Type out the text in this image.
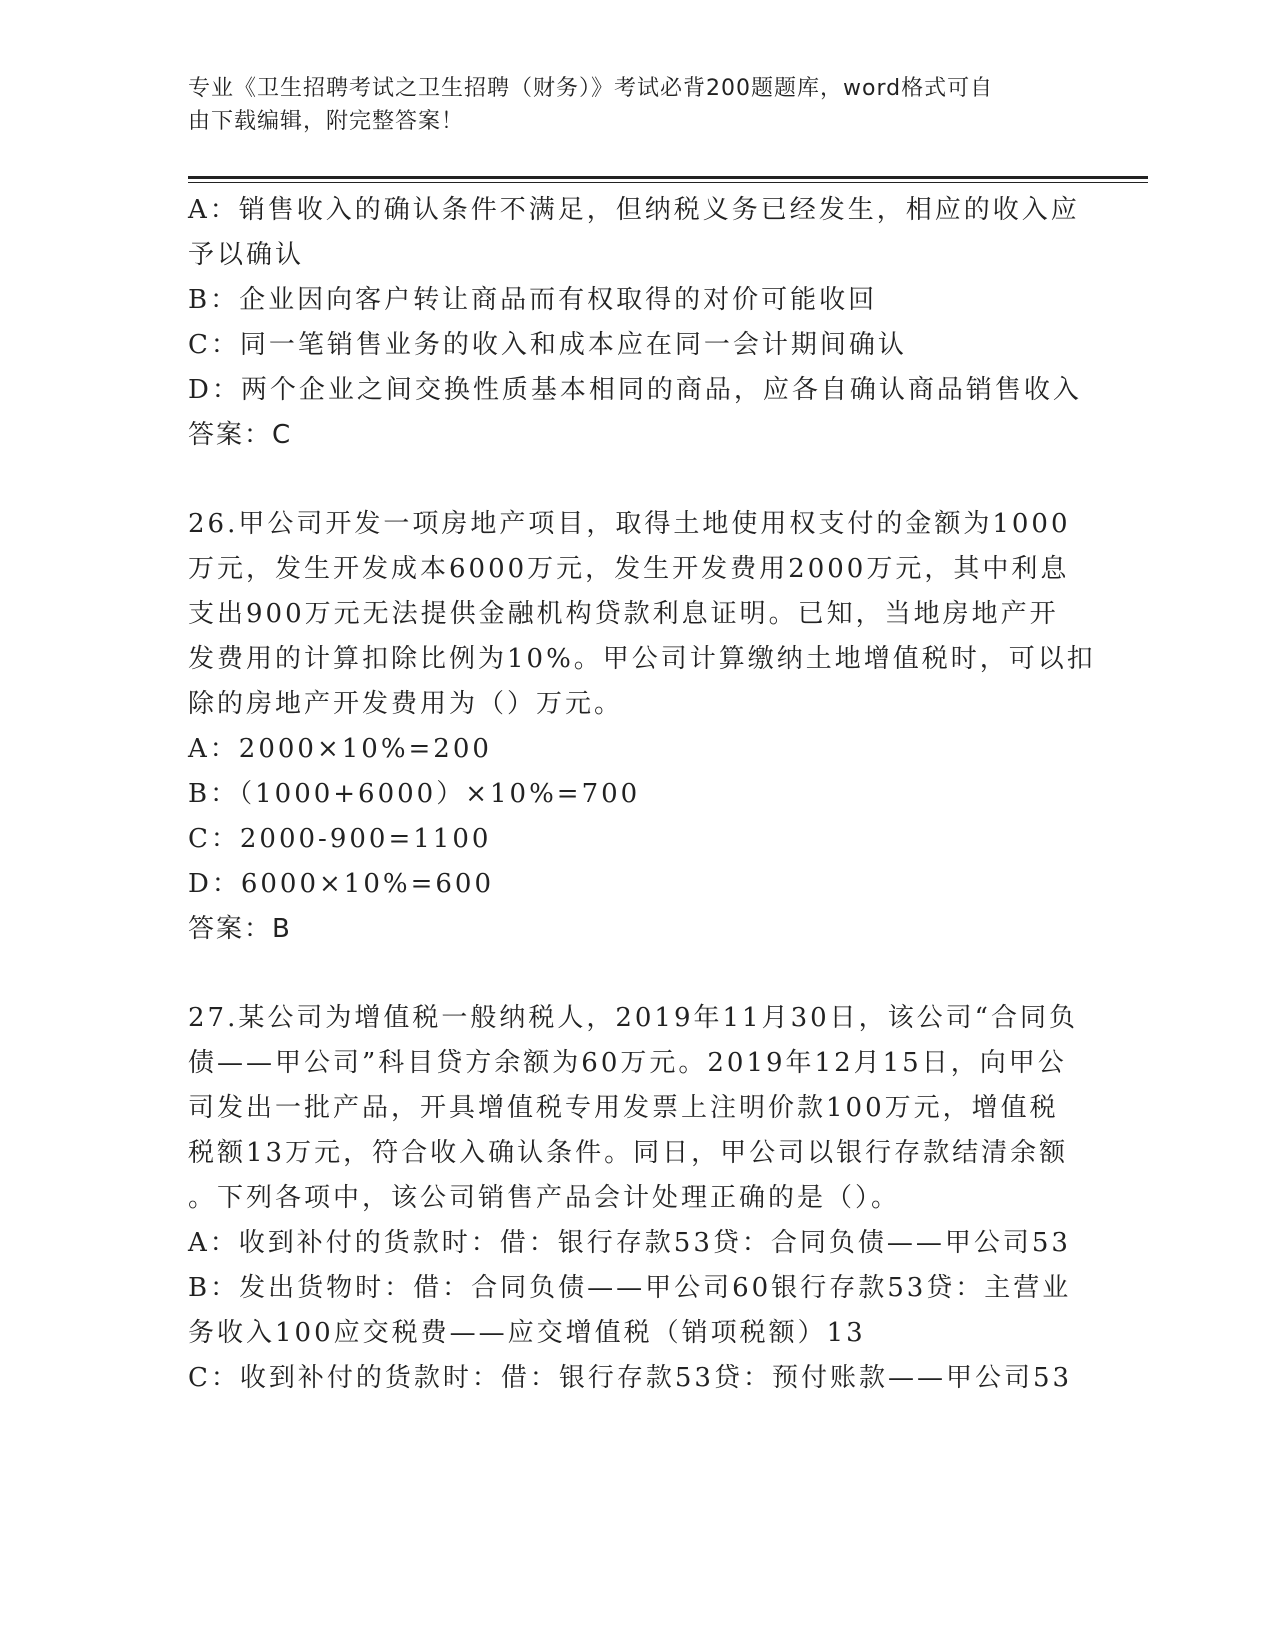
专业《卫生招聘考试之卫生招聘（财务）》考试必背200题题库，word格式可自
由下载编辑，附完整答案！
A：销售收入的确认条件不满足，但纳税义务已经发生，相应的收入应
予以确认
B：企业因向客户转让商品而有权取得的对价可能收回
C：同一笔销售业务的收入和成本应在同一会计期间确认
D：两个企业之间交换性质基本相同的商品，应各自确认商品销售收入
答案：C
26.甲公司开发一项房地产项目，取得土地使用权支付的金额为1000
万元，发生开发成本6000万元，发生开发费用2000万元，其中利息
支出900万元无法提供金融机构贷款利息证明。已知，当地房地产开
发费用的计算扣除比例为10%。甲公司计算缴纳土地增值税时，可以扣
除的房地产开发费用为（）万元。
A：2000×10%=200
B：（1000+6000）×10%=700
C：2000-900=1100
D：6000×10%=600
答案：B
27.某公司为增值税一般纳税人，2019年11月30日，该公司“合同负
债——甲公司”科目贷方余额为60万元。2019年12月15日，向甲公
司发出一批产品，开具增值税专用发票上注明价款100万元，增值税
税额13万元，符合收入确认条件。同日，甲公司以银行存款结清余额
。下列各项中，该公司销售产品会计处理正确的是（）。
A：收到补付的货款时：借：银行存款53贷：合同负债——甲公司53
B：发出货物时：借：合同负债——甲公司60银行存款53贷：主营业
务收入100应交税费——应交增值税（销项税额）13
C：收到补付的货款时：借：银行存款53贷：预付账款——甲公司53
